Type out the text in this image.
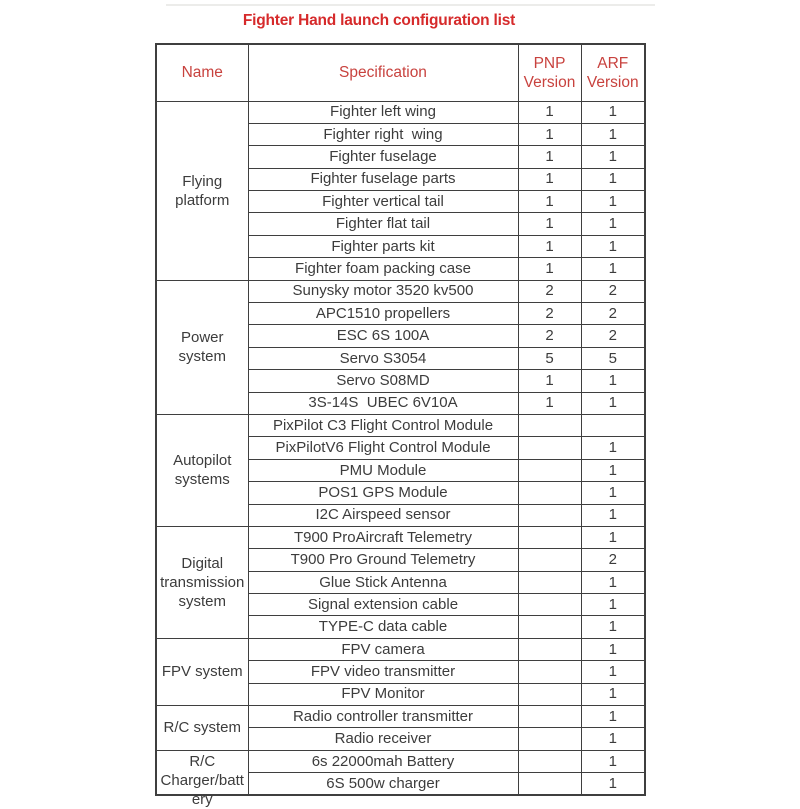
Fighter Hand launch configuration list
Name	Specification	PNP Version	ARF Version

Flying platform	Fighter left wing	1	1
	Fighter right  wing	1	1
	Fighter fuselage	1	1
	Fighter fuselage parts	1	1
	Fighter vertical tail	1	1
	Fighter flat tail	1	1
	Fighter parts kit	1	1
	Fighter foam packing case	1	1

Power system	Sunysky motor 3520 kv500	2	2
	APC1510 propellers	2	2
	ESC 6S 100A	2	2
	Servo S3054	5	5
	Servo S08MD	1	1
	3S-14S  UBEC 6V10A	1	1

Autopilot systems	PixPilot C3 Flight Control Module		
	PixPilotV6 Flight Control Module		1
	PMU Module		1
	POS1 GPS Module		1
	I2C Airspeed sensor		1

Digital transmission system	T900 ProAircraft Telemetry		1
	T900 Pro Ground Telemetry		2
	Glue Stick Antenna		1
	Signal extension cable		1
	TYPE-C data cable		1

FPV system	FPV camera		1
	FPV video transmitter		1
	FPV Monitor		1

R/C system	Radio controller transmitter		1
	Radio receiver		1

R/C Charger/battery	6s 22000mah Battery		1
	6S 500w charger		1
